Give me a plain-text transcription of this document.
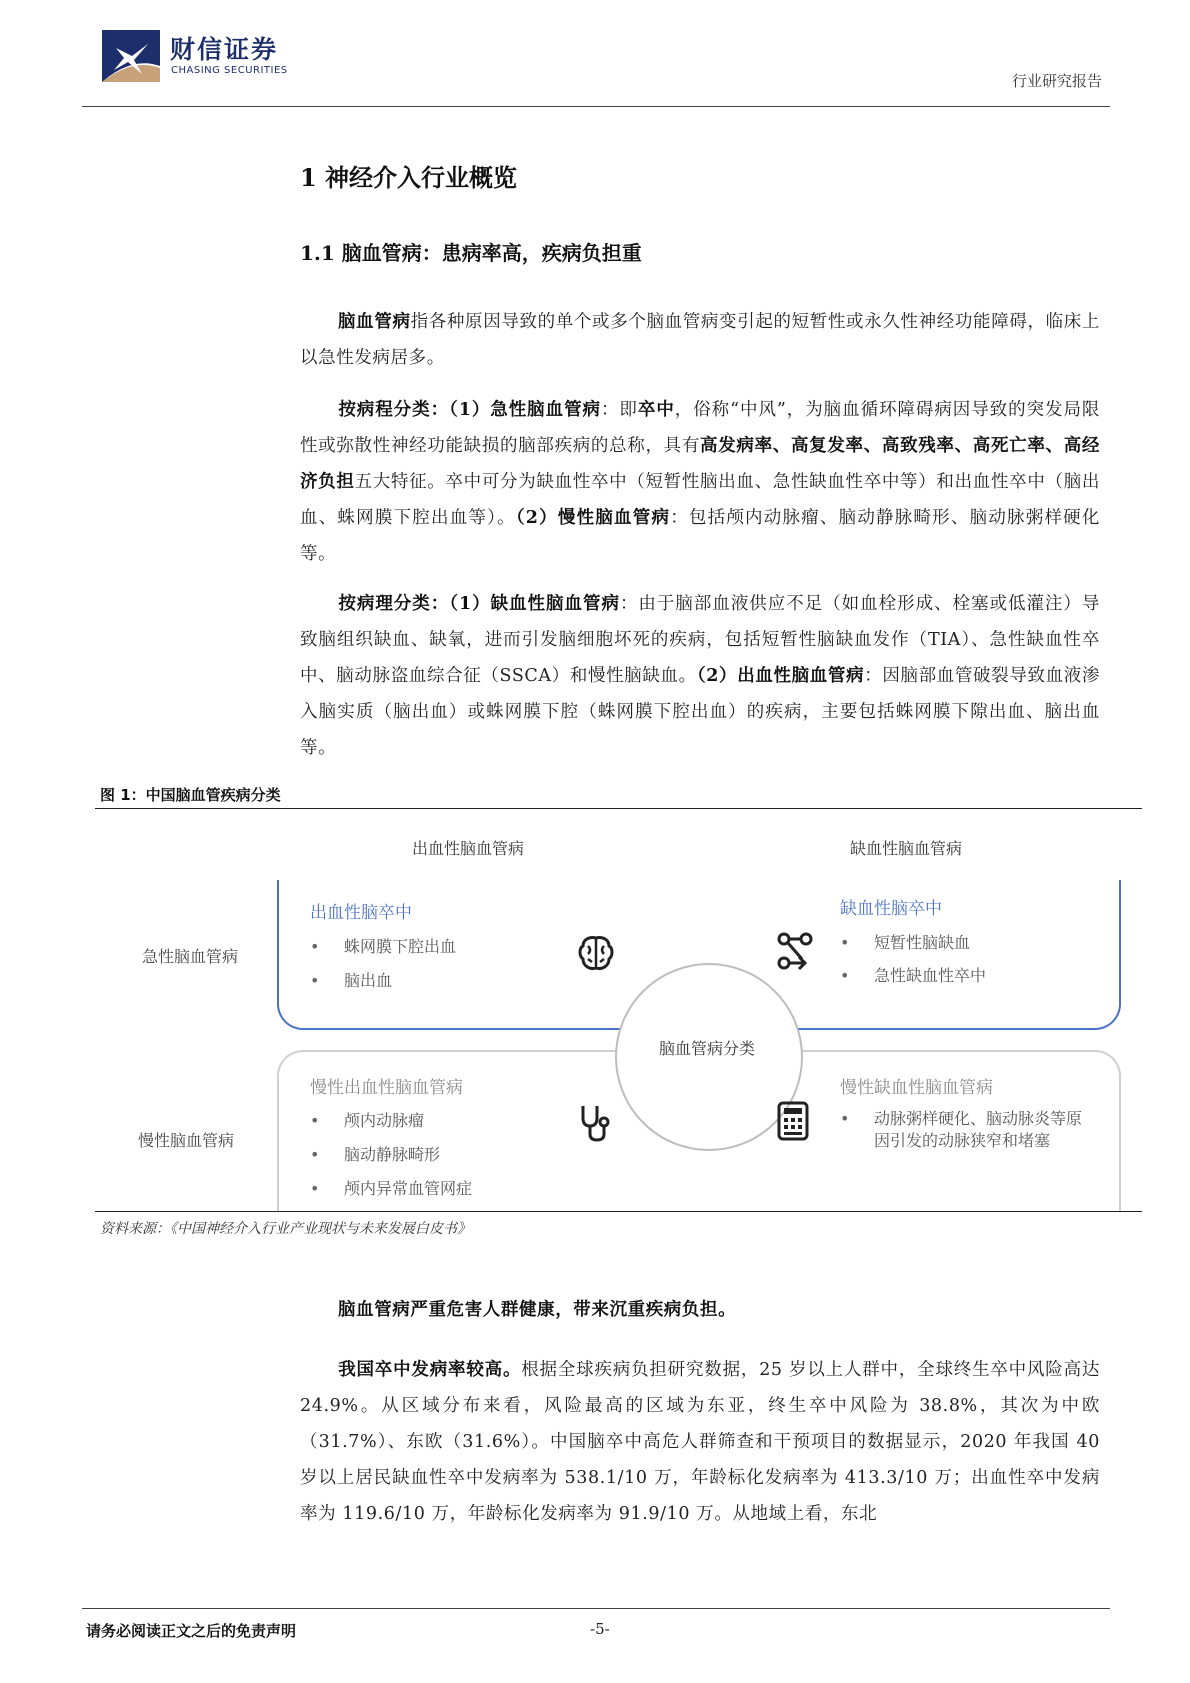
财信证券
CHASING SECURITIES
行业研究报告
1 神经介入行业概览
1.1 脑血管病：患病率高，疾病负担重
脑血管病指各种原因导致的单个或多个脑血管病变引起的短暂性或永久性神经功能障碍，临床上以急性发病居多。
按病程分类：（1）急性脑血管病：即卒中，俗称“中风”，为脑血循环障碍病因导致的突发局限性或弥散性神经功能缺损的脑部疾病的总称，具有高发病率、高复发率、高致残率、高死亡率、高经济负担五大特征。卒中可分为缺血性卒中（短暂性脑出血、急性缺血性卒中等）和出血性卒中（脑出血、蛛网膜下腔出血等）。（2）慢性脑血管病：包括颅内动脉瘤、脑动静脉畸形、脑动脉粥样硬化等。
按病理分类：（1）缺血性脑血管病：由于脑部血液供应不足（如血栓形成、栓塞或低灌注）导致脑组织缺血、缺氧，进而引发脑细胞坏死的疾病，包括短暂性脑缺血发作（TIA）、急性缺血性卒中、脑动脉盗血综合征（SSCA）和慢性脑缺血。（2）出血性脑血管病：因脑部血管破裂导致血液渗入脑实质（脑出血）或蛛网膜下腔（蛛网膜下腔出血）的疾病，主要包括蛛网膜下隙出血、脑出血等。
图 1：中国脑血管疾病分类
出血性脑血管病	缺血性脑血管病
急性脑血管病
慢性脑血管病
脑血管病分类
出血性脑卒中
• 蛛网膜下腔出血
• 脑出血
缺血性脑卒中
• 短暂性脑缺血
• 急性缺血性卒中
慢性出血性脑血管病
• 颅内动脉瘤
• 脑动静脉畸形
• 颅内异常血管网症
慢性缺血性脑血管病
•	动脉粥样硬化、脑动脉炎等原因引发的动脉狭窄和堵塞
资料来源：《中国神经介入行业产业现状与未来发展白皮书》
脑血管病严重危害人群健康，带来沉重疾病负担。
我国卒中发病率较高。根据全球疾病负担研究数据，25 岁以上人群中，全球终生卒中风险高达 24.9%。从区域分布来看，风险最高的区域为东亚，终生卒中风险为 38.8%，其次为中欧（31.7%）、东欧（31.6%）。中国脑卒中高危人群筛查和干预项目的数据显示，2020 年我国 40 岁以上居民缺血性卒中发病率为 538.1/10 万，年龄标化发病率为 413.3/10 万；出血性卒中发病率为 119.6/10 万，年龄标化发病率为 91.9/10 万。从地域上看，东北
请务必阅读正文之后的免责声明	-5-
